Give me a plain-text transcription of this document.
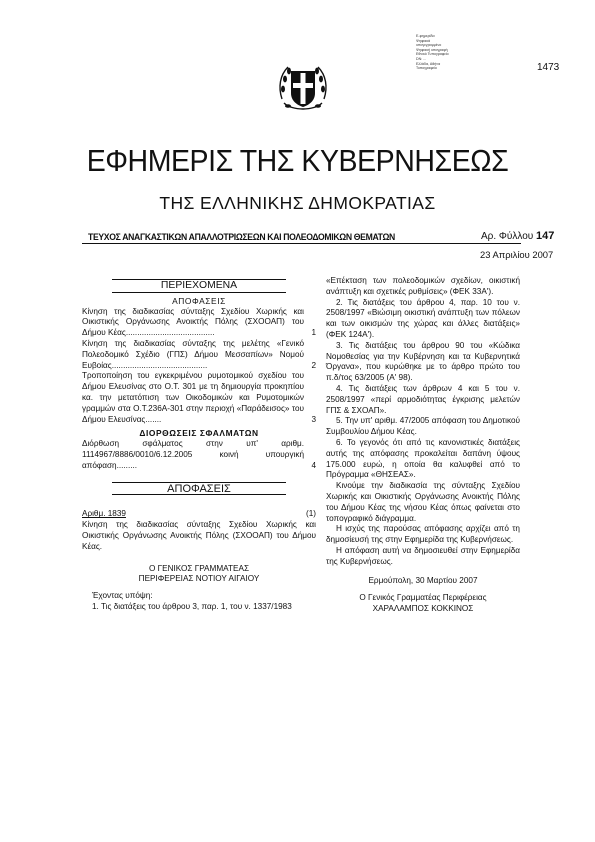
Ε-φημερίδα
Ψηφιακά
υπογεγραμμένο
Ψηφιακή υπογραφή
Εθνικό Τυπογραφείο
DN: ...
Ελλάδα, Αθήνα
Τυπογραφείο	1473
ΕΦΗΜΕΡΙΣ ΤΗΣ ΚΥΒΕΡΝΗΣΕΩΣ
ΤΗΣ ΕΛΛΗΝΙΚΗΣ ΔΗΜΟΚΡΑΤΙΑΣ
ΤΕΥΧΟΣ ΑΝΑΓΚΑΣΤΙΚΩΝ ΑΠΑΛΛΟΤΡΙΩΣΕΩΝ ΚΑΙ ΠΟΛΕΟΔΟΜΙΚΩΝ ΘΕΜΑΤΩΝ	Αρ. Φύλλου 147
23 Απριλίου 2007
ΠΕΡΙΕΧΟΜΕΝΑ
ΑΠΟΦΑΣΕΙΣ
Κίνηση της διαδικασίας σύνταξης Σχεδίου Χωρικής και Οικιστικής Οργάνωσης Ανοικτής Πόλης (ΣΧΟΟΑΠ) του Δήμου Κέας.......................................	1
Κίνηση της διαδικασίας σύνταξης της μελέτης «Γενικό Πολεοδομικό Σχέδιο (ΓΠΣ) Δήμου Μεσσαπίων» Νομού Ευβοίας..........................................	2
Τροποποίηση του εγκεκριμένου ρυμοτομικού σχεδίου του Δήμου Ελευσίνας στο Ο.Τ. 301 με τη δημιουργία προκηπίου κα. την μετατόπιση των Οικοδομικών και Ρυμοτομικών γραμμών στα Ο.Τ.236Α-301 στην περιοχή «Παράδεισος» του Δήμου Ελευσίνας.......	3
ΔΙΟΡΘΩΣΕΙΣ ΣΦΑΛΜΑΤΩΝ
Διόρθωση σφάλματος στην υπ' αριθμ. 1114967/8886/0010/6.12.2005 κοινή υπουργική απόφαση.........	4
ΑΠΟΦΑΣΕΙΣ
Αριθμ. 1839	(1)

Κίνηση της διαδικασίας σύνταξης Σχεδίου Χωρικής και Οικιστικής Οργάνωσης Ανοικτής Πόλης (ΣΧΟΟΑΠ) του Δήμου Κέας.

Ο ΓΕΝΙΚΟΣ ΓΡΑΜΜΑΤΕΑΣ
ΠΕΡΙΦΕΡΕΙΑΣ ΝΟΤΙΟΥ ΑΙΓΑΙΟΥ

Έχοντας υπόψη:

1. Τις διατάξεις του άρθρου 3, παρ. 1, του ν. 1337/1983

«Επέκταση των πολεοδομικών σχεδίων, οικιστική ανάπτυξη και σχετικές ρυθμίσεις» (ΦΕΚ 33Α').

2. Τις διατάξεις του άρθρου 4, παρ. 10 του ν. 2508/1997 «Βιώσιμη οικιστική ανάπτυξη των πόλεων και των οικισμών της χώρας και άλλες διατάξεις» (ΦΕΚ 124Α').

3. Τις διατάξεις του άρθρου 90 του «Κώδικα Νομοθεσίας για την Κυβέρνηση και τα Κυβερνητικά Όργανα», που κυρώθηκε με το άρθρο πρώτο του π.δ/τος 63/2005 (Α' 98).

4. Τις διατάξεις των άρθρων 4 και 5 του ν. 2508/1997 «περί αρμοδιότητας έγκρισης μελετών ΓΠΣ & ΣΧΟΑΠ».

5. Την υπ' αριθμ. 47/2005 απόφαση του Δημοτικού Συμβουλίου Δήμου Κέας.

6. Το γεγονός ότι από τις κανονιστικές διατάξεις αυτής της απόφασης προκαλείται δαπάνη ύψους 175.000 ευρώ, η οποία θα καλυφθεί από το Πρόγραμμα «ΘΗΣΕΑΣ».

Κινούμε την διαδικασία της σύνταξης Σχεδίου Χωρικής και Οικιστικής Οργάνωσης Ανοικτής Πόλης του Δήμου Κέας της νήσου Κέας όπως φαίνεται στο τοπογραφικό διάγραμμα.

Η ισχύς της παρούσας απόφασης αρχίζει από τη δημοσίευσή της στην Εφημερίδα της Κυβερνήσεως.

Η απόφαση αυτή να δημοσιευθεί στην Εφημερίδα της Κυβερνήσεως.

Ερμούπολη, 30 Μαρτίου 2007
Ο Γενικός Γραμματέας Περιφέρειας
ΧΑΡΑΛΑΜΠΟΣ ΚΟΚΚΙΝΟΣ
